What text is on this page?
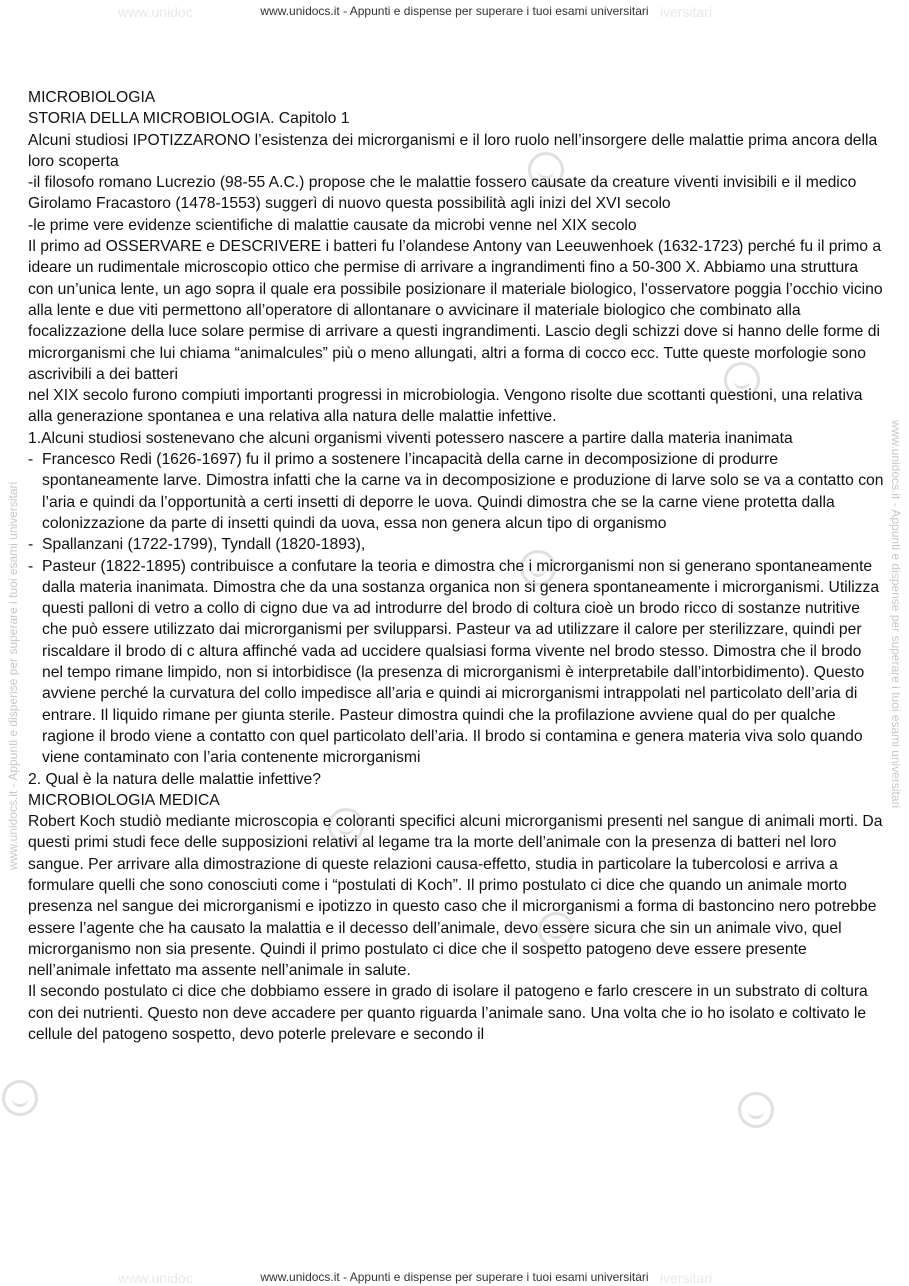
www.unidocs.it - Appunti e dispense per superare i tuoi esami universitari
www.unidoc	iversitari
www.unidocs.it - Appunti e dispense per superare i tuoi esami universitari	www.unidocs.it - Appunti e dispense per superare i tuoi esami universitari

MICROBIOLOGIA

STORIA DELLA MICROBIOLOGIA. Capitolo 1

Alcuni studiosi IPOTIZZARONO l’esistenza dei microrganismi e il loro ruolo nell’insorgere delle malattie prima ancora della loro scoperta

-il filosofo romano Lucrezio (98-55 A.C.) propose che le malattie fossero causate da creature viventi invisibili e il medico Girolamo Fracastoro (1478-1553) suggerì di nuovo questa possibilità agli inizi del XVI secolo

-le prime vere evidenze scientifiche di malattie causate da microbi venne nel XIX secolo

Il primo ad OSSERVARE e DESCRIVERE i batteri fu l’olandese Antony van Leeuwenhoek (1632-1723) perché fu il primo a ideare un rudimentale microscopio ottico che permise di arrivare a ingrandimenti fino a 50-300 X. Abbiamo una struttura con un’unica lente, un ago sopra il quale era possibile posizionare il materiale biologico, l’osservatore poggia l’occhio vicino alla lente e due viti permettono all’operatore di allontanare o avvicinare il materiale biologico che combinato alla focalizzazione della luce solare permise di arrivare a questi ingrandimenti. Lascio degli schizzi dove si hanno delle forme di microrganismi che lui chiama “animalcules” più o meno allungati, altri a forma di cocco ecc. Tutte queste morfologie sono ascrivibili a dei batteri

nel XIX secolo furono compiuti importanti progressi in microbiologia. Vengono risolte due scottanti questioni, una relativa alla generazione spontanea e una relativa alla natura delle malattie infettive.

1.Alcuni studiosi sostenevano che alcuni organismi viventi potessero nascere a partire dalla materia inanimata

- Francesco Redi (1626-1697) fu il primo a sostenere l’incapacità della carne in decomposizione di produrre spontaneamente larve. Dimostra infatti che la carne va in decomposizione e produzione di larve solo se va a contatto con l’aria e quindi da l’opportunità a certi insetti di deporre le uova. Quindi dimostra che se la carne viene protetta dalla colonizzazione da parte di insetti quindi da uova, essa non genera alcun tipo di organismo
- Spallanzani (1722-1799), Tyndall (1820-1893),
- Pasteur (1822-1895) contribuisce a confutare la teoria e dimostra che i microrganismi non si generano spontaneamente dalla materia inanimata. Dimostra che da una sostanza organica non si genera spontaneamente i microrganismi. Utilizza questi palloni di vetro a collo di cigno due va ad introdurre del brodo di coltura cioè un brodo ricco di sostanze nutritive che può essere utilizzato dai microrganismi per svilupparsi. Pasteur va ad utilizzare il calore per sterilizzare, quindi per riscaldare il brodo di c altura affinché vada ad uccidere qualsiasi forma vivente nel brodo stesso. Dimostra che il brodo nel tempo rimane limpido, non si intorbidisce (la presenza di microrganismi è interpretabile dall’intorbidimento). Questo avviene perché la curvatura del collo impedisce all’aria e quindi ai microrganismi intrappolati nel particolato dell’aria di entrare. Il liquido rimane per giunta sterile. Pasteur dimostra quindi che la profilazione avviene qual do per qualche ragione il brodo viene a contatto con quel particolato dell’aria. Il brodo si contamina e genera materia viva solo quando viene contaminato con l’aria contenente microrganismi

2. Qual è la natura delle malattie infettive?

MICROBIOLOGIA MEDICA

Robert Koch studiò mediante microscopia e coloranti specifici alcuni microrganismi presenti nel sangue di animali morti. Da questi primi studi fece delle supposizioni relativi al legame tra la morte dell’animale con la presenza di batteri nel loro sangue. Per arrivare alla dimostrazione di queste relazioni causa-effetto, studia in particolare la tubercolosi e arriva a formulare quelli che sono conosciuti come i “postulati di Koch”. Il primo postulato ci dice che quando un animale morto presenza nel sangue dei microrganismi e ipotizzo in questo caso che il microrganismi a forma di bastoncino nero potrebbe essere l’agente che ha causato la malattia e il decesso dell’animale, devo essere sicura che sin un animale vivo, quel microrganismo non sia presente. Quindi il primo postulato ci dice che il sospetto patogeno deve essere presente nell’animale infettato ma assente nell’animale in salute.

Il secondo postulato ci dice che dobbiamo essere in grado di isolare il patogeno e farlo crescere in un substrato di coltura con dei nutrienti. Questo non deve accadere per quanto riguarda l’animale sano. Una volta che io ho isolato e coltivato le cellule del patogeno sospetto, devo poterle prelevare e secondo il

www.unidocs.it - Appunti e dispense per superare i tuoi esami universitari
www.unidoc	iversitari
